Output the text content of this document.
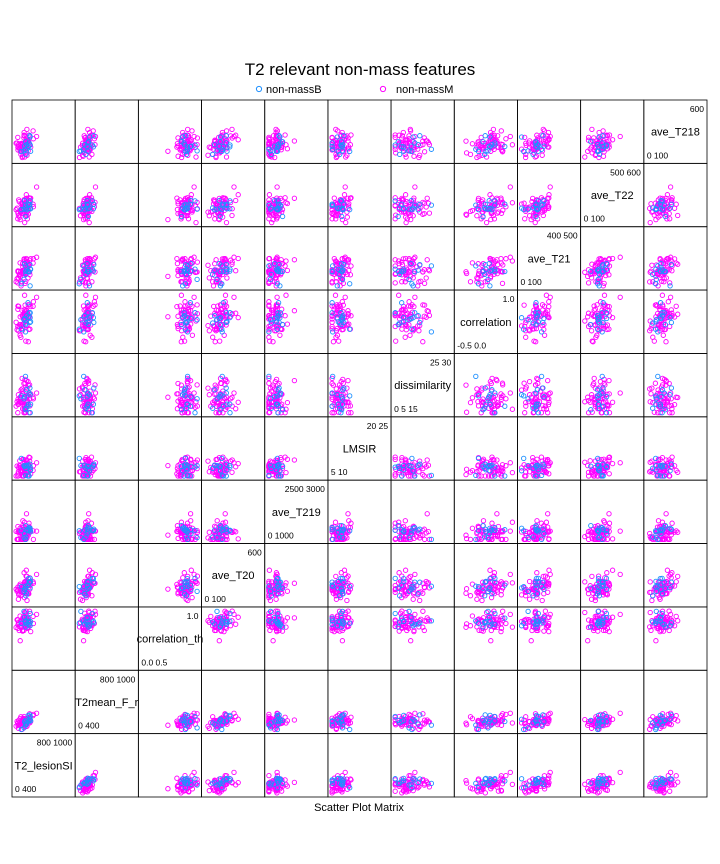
T2 relevant non-mass features
non-massB	non-massM
ave_T218
600
0 100
ave_T22
500 600
0 100
ave_T21
400 500
0 100
correlation
1.0
-0.5 0.0
dissimilarity
25 30
0 5 15
LMSIR
20 25
5 10
ave_T219
2500 3000
0 1000
ave_T20
600
0 100
correlation_th
1.0
0.0 0.5
T2mean_F_r
800 1000
0 400
T2_lesionSI
800 1000
0 400
Scatter Plot Matrix
